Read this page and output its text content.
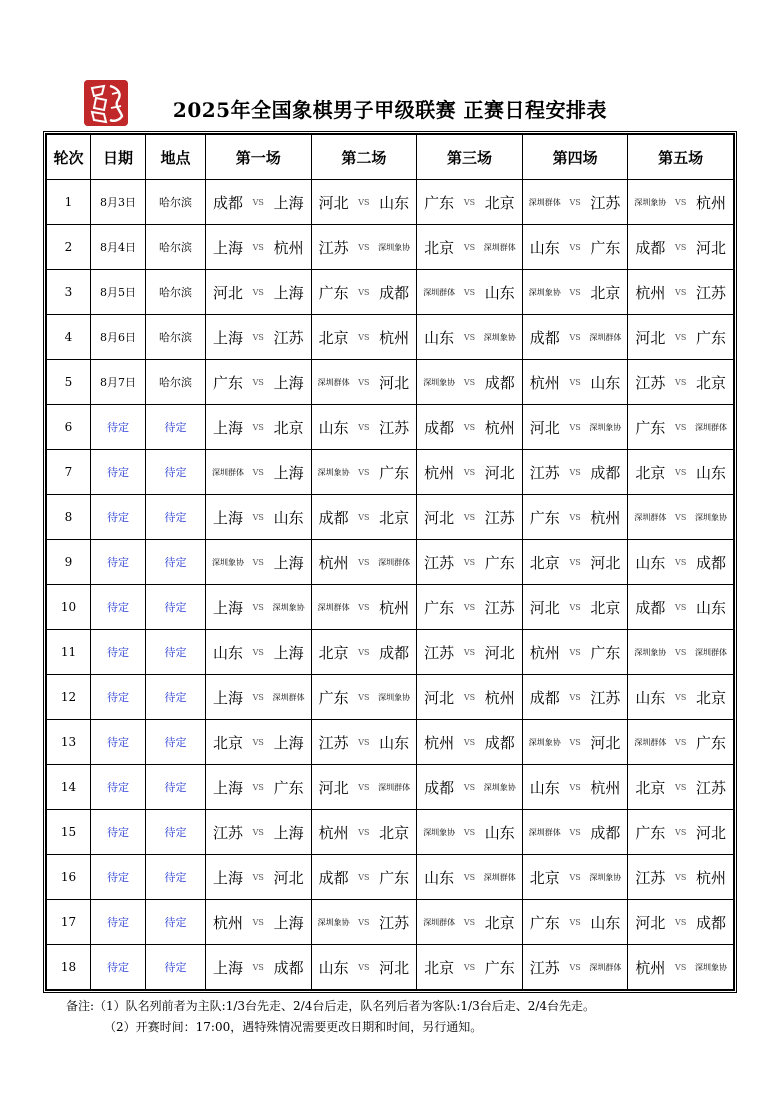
2025年全国象棋男子甲级联赛 正赛日程安排表
轮次	日期	地点	第一场	第二场	第三场	第四场	第五场
1	8月3日	哈尔滨	成都 VS 上海	河北 VS 山东	广东 VS 北京	深圳群体 VS 江苏	深圳象协 VS 杭州

2	8月4日	哈尔滨	上海 VS 杭州	江苏 VS 深圳象协	北京 VS 深圳群体	山东 VS 广东	成都 VS 河北

3	8月5日	哈尔滨	河北 VS 上海	广东 VS 成都	深圳群体 VS 山东	深圳象协 VS 北京	杭州 VS 江苏

4	8月6日	哈尔滨	上海 VS 江苏	北京 VS 杭州	山东 VS 深圳象协	成都 VS 深圳群体	河北 VS 广东

5	8月7日	哈尔滨	广东 VS 上海	深圳群体 VS 河北	深圳象协 VS 成都	杭州 VS 山东	江苏 VS 北京

6	待定	待定	上海 VS 北京	山东 VS 江苏	成都 VS 杭州	河北 VS 深圳象协	广东 VS 深圳群体

7	待定	待定	深圳群体 VS 上海	深圳象协 VS 广东	杭州 VS 河北	江苏 VS 成都	北京 VS 山东

8	待定	待定	上海 VS 山东	成都 VS 北京	河北 VS 江苏	广东 VS 杭州	深圳群体 VS 深圳象协

9	待定	待定	深圳象协 VS 上海	杭州 VS 深圳群体	江苏 VS 广东	北京 VS 河北	山东 VS 成都

10	待定	待定	上海 VS 深圳象协	深圳群体 VS 杭州	广东 VS 江苏	河北 VS 北京	成都 VS 山东

11	待定	待定	山东 VS 上海	北京 VS 成都	江苏 VS 河北	杭州 VS 广东	深圳象协 VS 深圳群体

12	待定	待定	上海 VS 深圳群体	广东 VS 深圳象协	河北 VS 杭州	成都 VS 江苏	山东 VS 北京

13	待定	待定	北京 VS 上海	江苏 VS 山东	杭州 VS 成都	深圳象协 VS 河北	深圳群体 VS 广东

14	待定	待定	上海 VS 广东	河北 VS 深圳群体	成都 VS 深圳象协	山东 VS 杭州	北京 VS 江苏

15	待定	待定	江苏 VS 上海	杭州 VS 北京	深圳象协 VS 山东	深圳群体 VS 成都	广东 VS 河北

16	待定	待定	上海 VS 河北	成都 VS 广东	山东 VS 深圳群体	北京 VS 深圳象协	江苏 VS 杭州

17	待定	待定	杭州 VS 上海	深圳象协 VS 江苏	深圳群体 VS 北京	广东 VS 山东	河北 VS 成都

18	待定	待定	上海 VS 成都	山东 VS 河北	北京 VS 广东	江苏 VS 深圳群体	杭州 VS 深圳象协
备注:（1）队名列前者为主队:1/3台先走、2/4台后走，队名列后者为客队:1/3台后走、2/4台先走。
（2）开赛时间：17:00，遇特殊情况需要更改日期和时间，另行通知。
